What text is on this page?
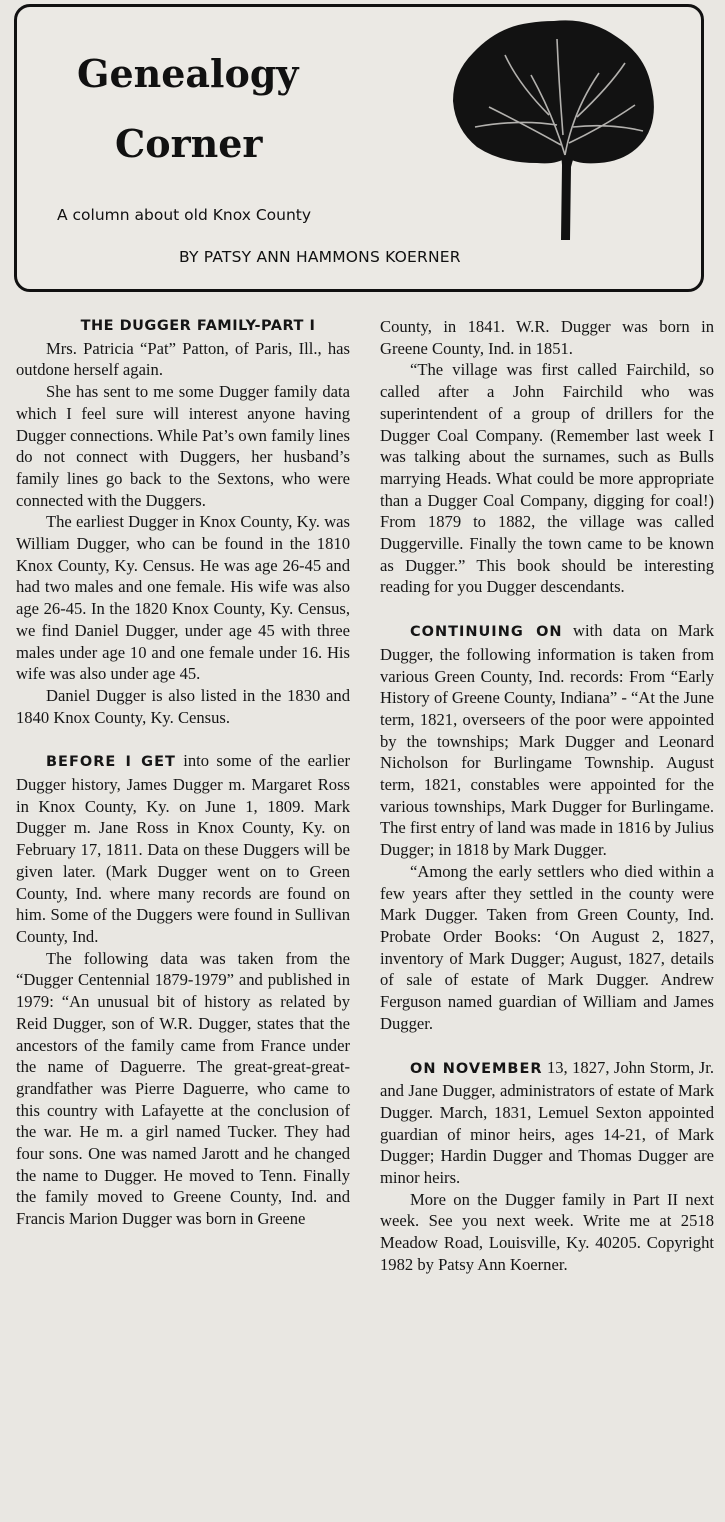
Genealogy
Corner
A column about old Knox County
BY PATSY ANN HAMMONS KOERNER

THE DUGGER FAMILY-PART I

Mrs. Patricia “Pat” Patton, of Paris, Ill., has outdone herself again.

She has sent to me some Dugger family data which I feel sure will interest anyone having Dugger connections. While Pat’s own family lines do not connect with Duggers, her husband’s family lines go back to the Sextons, who were connected with the Duggers.

The earliest Dugger in Knox County, Ky. was William Dugger, who can be found in the 1810 Knox County, Ky. Census. He was age 26-45 and had two males and one female. His wife was also age 26-45. In the 1820 Knox County, Ky. Census, we find Daniel Dugger, under age 45 with three males under age 10 and one female under 16. His wife was also under age 45.

Daniel Dugger is also listed in the 1830 and 1840 Knox County, Ky. Census.

BEFORE I GET into some of the earlier Dugger history, James Dugger m. Margaret Ross in Knox County, Ky. on June 1, 1809. Mark Dugger m. Jane Ross in Knox County, Ky. on February 17, 1811. Data on these Duggers will be given later. (Mark Dugger went on to Green County, Ind. where many records are found on him. Some of the Duggers were found in Sullivan County, Ind.

The following data was taken from the “Dugger Centennial 1879-1979” and published in 1979: “An unusual bit of history as related by Reid Dugger, son of W.R. Dugger, states that the ancestors of the family came from France under the name of Daguerre. The great-great-great-grandfather was Pierre Daguerre, who came to this country with Lafayette at the conclusion of the war. He m. a girl named Tucker. They had four sons. One was named Jarott and he changed the name to Dugger. He moved to Tenn. Finally the family moved to Greene County, Ind. and Francis Marion Dugger was born in Greene

County, in 1841. W.R. Dugger was born in Greene County, Ind. in 1851.

“The village was first called Fairchild, so called after a John Fairchild who was superintendent of a group of drillers for the Dugger Coal Company. (Remember last week I was talking about the surnames, such as Bulls marrying Heads. What could be more appropriate than a Dugger Coal Company, digging for coal!) From 1879 to 1882, the village was called Duggerville. Finally the town came to be known as Dugger.” This book should be interesting reading for you Dugger descendants.

CONTINUING ON with data on Mark Dugger, the following information is taken from various Green County, Ind. records: From “Early History of Greene County, Indiana” - “At the June term, 1821, overseers of the poor were appointed by the townships; Mark Dugger and Leonard Nicholson for Burlingame Township. August term, 1821, constables were appointed for the various townships, Mark Dugger for Burlingame. The first entry of land was made in 1816 by Julius Dugger; in 1818 by Mark Dugger.

“Among the early settlers who died within a few years after they settled in the county were Mark Dugger. Taken from Green County, Ind. Probate Order Books: ‘On August 2, 1827, inventory of Mark Dugger; August, 1827, details of sale of estate of Mark Dugger. Andrew Ferguson named guardian of William and James Dugger.

ON NOVEMBER 13, 1827, John Storm, Jr. and Jane Dugger, administrators of estate of Mark Dugger. March, 1831, Lemuel Sexton appointed guardian of minor heirs, ages 14-21, of Mark Dugger; Hardin Dugger and Thomas Dugger are minor heirs.

More on the Dugger family in Part II next week. See you next week. Write me at 2518 Meadow Road, Louisville, Ky. 40205. Copyright 1982 by Patsy Ann Koerner.
